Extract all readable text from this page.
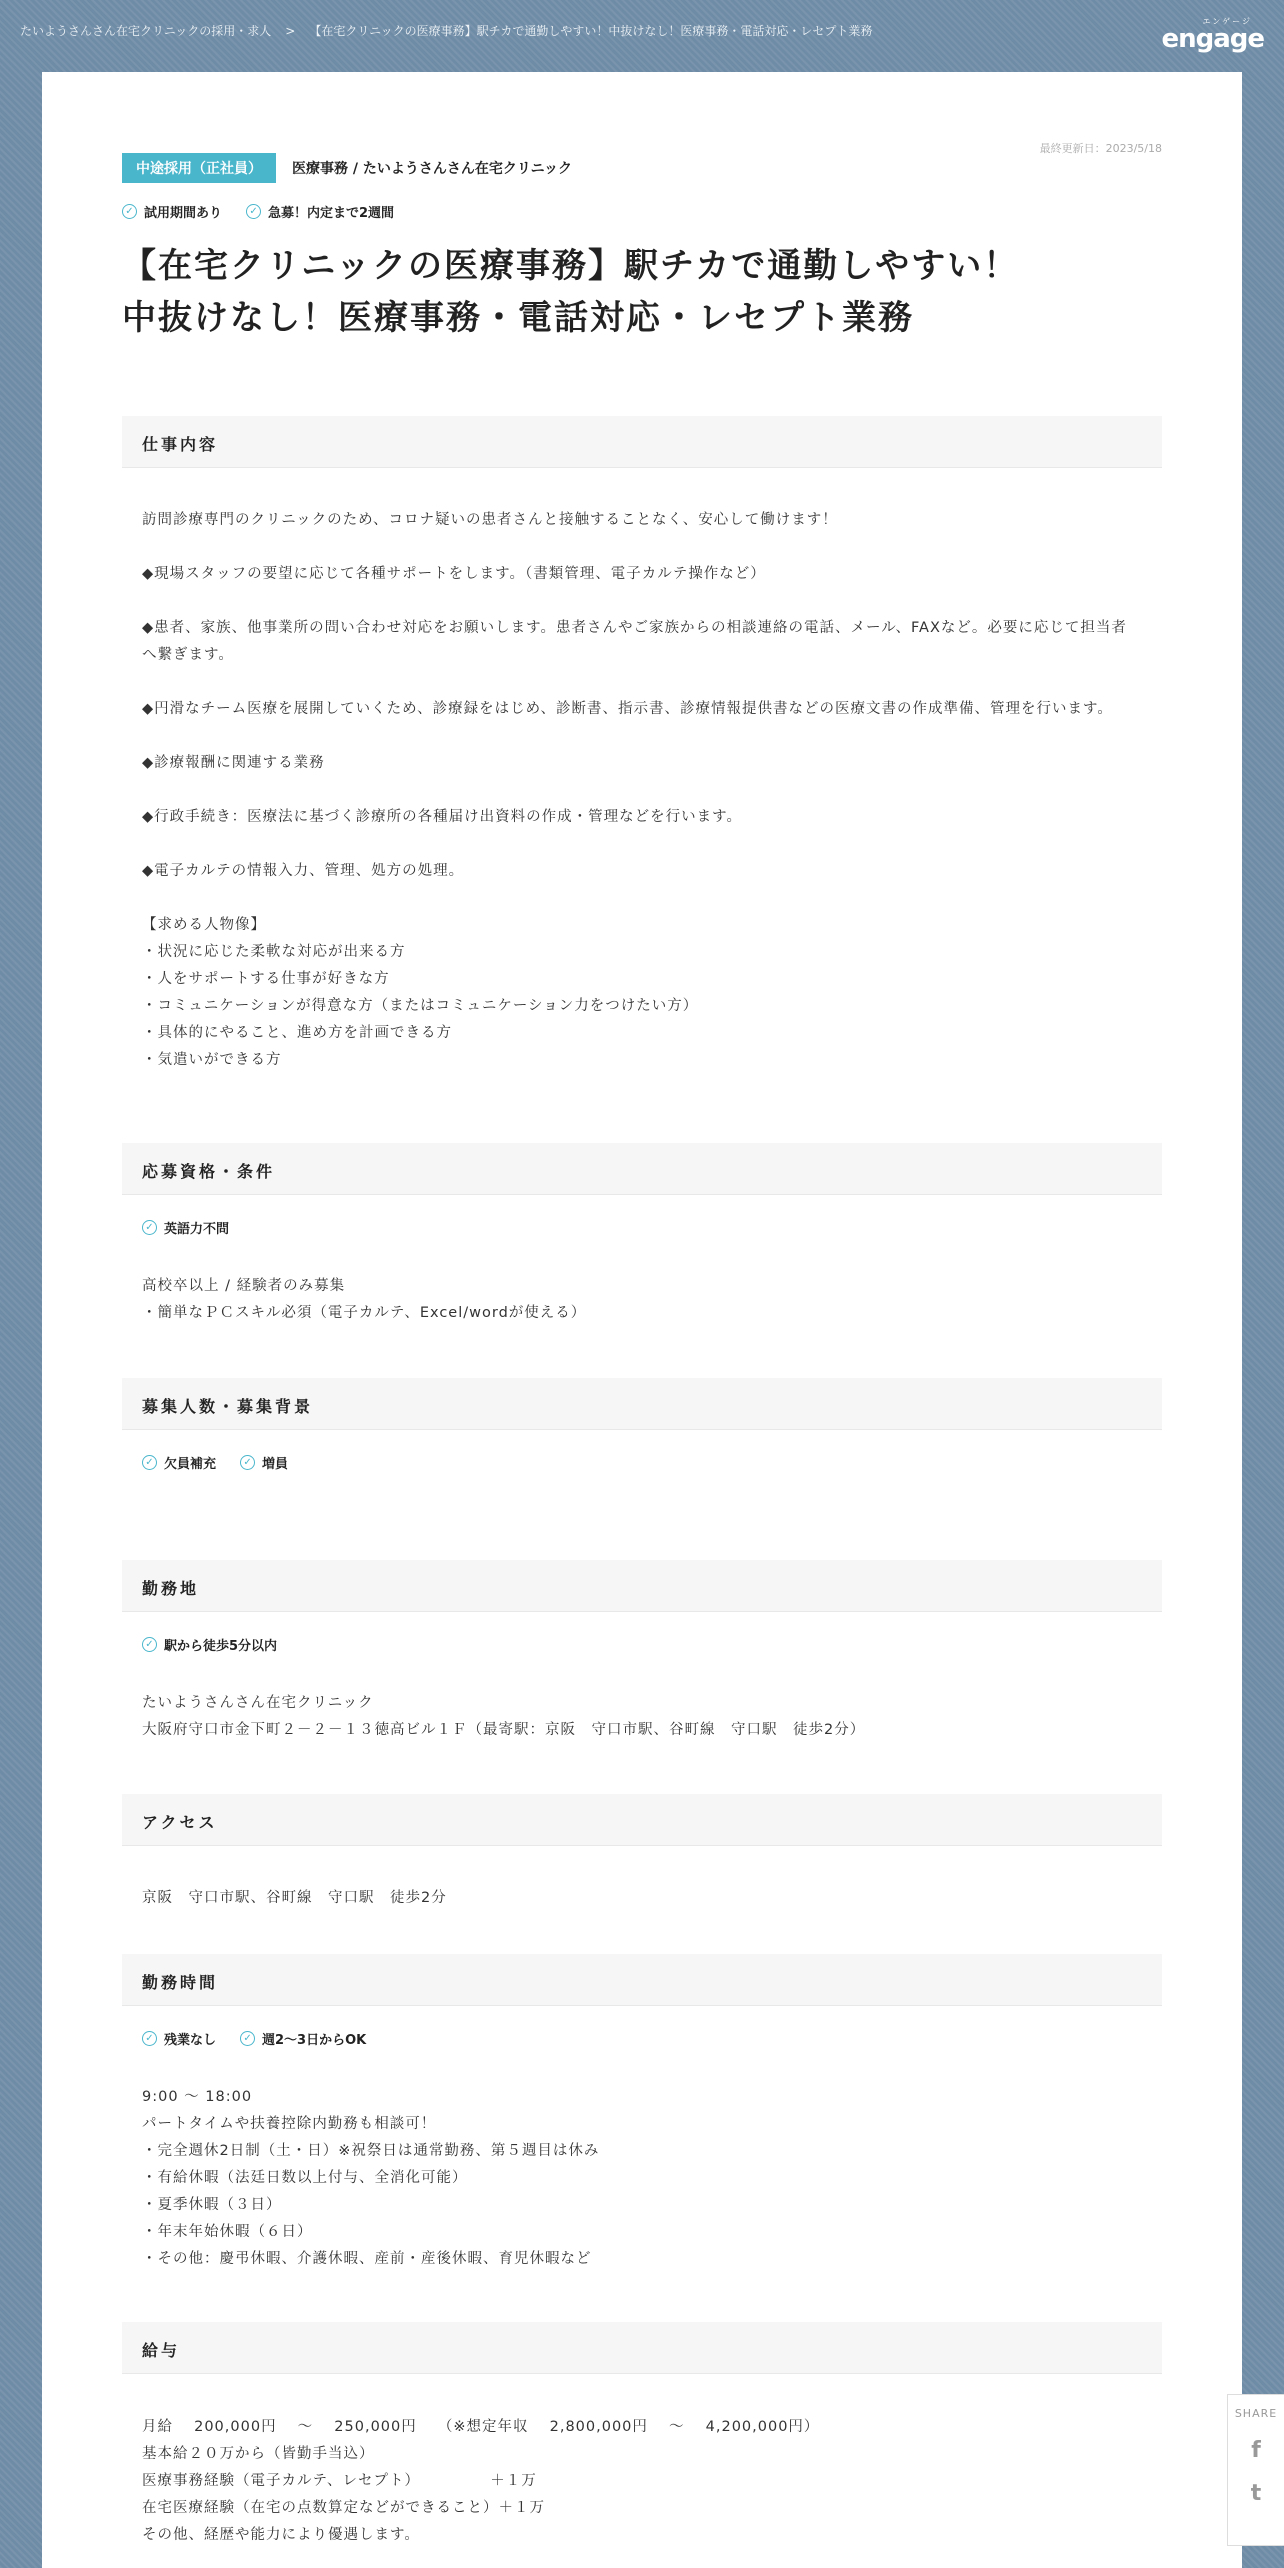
たいようさんさん在宅クリニックの採用・求人 > 【在宅クリニックの医療事務】駅チカで通勤しやすい！中抜けなし！医療事務・電話対応・レセプト業務
エンゲージ
engage
最終更新日：2023/5/18
中途採用（正社員）	医療事務 / たいようさんさん在宅クリニック
✓ 試用期間あり	✓ 急募！内定まで2週間
【在宅クリニックの医療事務】駅チカで通勤しやすい！
中抜けなし！医療事務・電話対応・レセプト業務
仕事内容
訪問診療専門のクリニックのため、コロナ疑いの患者さんと接触することなく、安心して働けます！
◆現場スタッフの要望に応じて各種サポートをします。（書類管理、電子カルテ操作など）
◆患者、家族、他事業所の問い合わせ対応をお願いします。患者さんやご家族からの相談連絡の電話、メール、FAXなど。必要に応じて担当者へ繋ぎます。
◆円滑なチーム医療を展開していくため、診療録をはじめ、診断書、指示書、診療情報提供書などの医療文書の作成準備、管理を行います。
◆診療報酬に関連する業務
◆行政手続き：医療法に基づく診療所の各種届け出資料の作成・管理などを行います。
◆電子カルテの情報入力、管理、処方の処理。
【求める人物像】
・状況に応じた柔軟な対応が出来る方
・人をサポートする仕事が好きな方
・コミュニケーションが得意な方（またはコミュニケーション力をつけたい方）
・具体的にやること、進め方を計画できる方
・気遣いができる方
応募資格・条件
✓ 英語力不問
高校卒以上 / 経験者のみ募集
・簡単なＰＣスキル必須（電子カルテ、Excel/wordが使える）
募集人数・募集背景
✓ 欠員補充	✓ 増員
勤務地
✓ 駅から徒歩5分以内
たいようさんさん在宅クリニック
大阪府守口市金下町２－２－１３徳高ビル１Ｆ（最寄駅：京阪　守口市駅、谷町線　守口駅　徒歩2分）
アクセス
京阪　守口市駅、谷町線　守口駅　徒歩2分
勤務時間
✓ 残業なし	✓ 週2～3日からOK
9:00 ～ 18:00
パートタイムや扶養控除内勤務も相談可！
・完全週休2日制（土・日）※祝祭日は通常勤務、第５週目は休み
・有給休暇（法廷日数以上付与、全消化可能）
・夏季休暇（３日）
・年末年始休暇（６日）
・その他：慶弔休暇、介護休暇、産前・産後休暇、育児休暇など
給与
月給　 200,000円　 ～　 250,000円　 （※想定年収　 2,800,000円　 ～　 4,200,000円）
基本給２０万から（皆勤手当込）
医療事務経験（電子カルテ、レセプト）　　　　　＋１万
在宅医療経験（在宅の点数算定などができること）＋１万
その他、経歴や能力により優遇します。
SHARE
f
t
